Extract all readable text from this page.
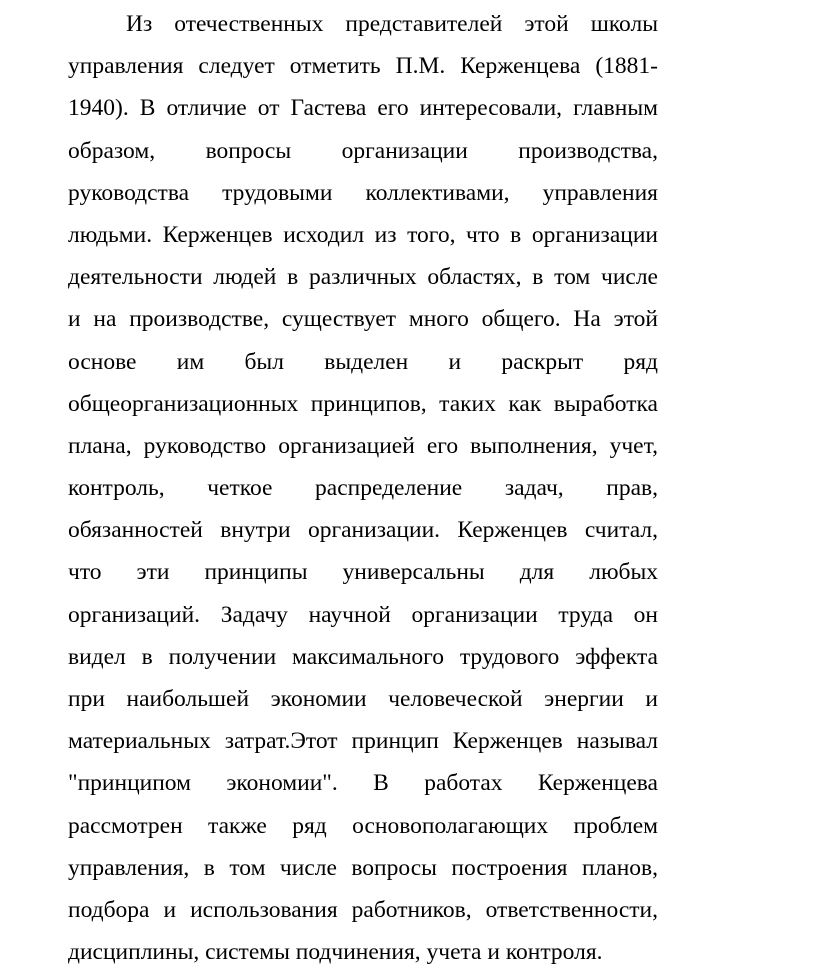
Из отечественных представителей этой школы
управления следует отметить П.М. Керженцева (1881-
1940). В отличие от Гастева его интересовали, главным
образом, вопросы организации производства,
руководства трудовыми коллективами, управления
людьми. Керженцев исходил из того, что в организации
деятельности людей в различных областях, в том числе
и на производстве, существует много общего. На этой
основе им был выделен и раскрыт ряд
общеорганизационных принципов, таких как выработка
плана, руководство организацией его выполнения, учет,
контроль, четкое распределение задач, прав,
обязанностей внутри организации. Керженцев считал,
что эти принципы универсальны для любых
организаций. Задачу научной организации труда он
видел в получении максимального трудового эффекта
при наибольшей экономии человеческой энергии и
материальных затрат.Этот принцип Керженцев называл
"принципом экономии". В работах Керженцева
рассмотрен также ряд основополагающих проблем
управления, в том числе вопросы построения планов,
подбора и использования работников, ответственности,
дисциплины, системы подчинения, учета и контроля.
